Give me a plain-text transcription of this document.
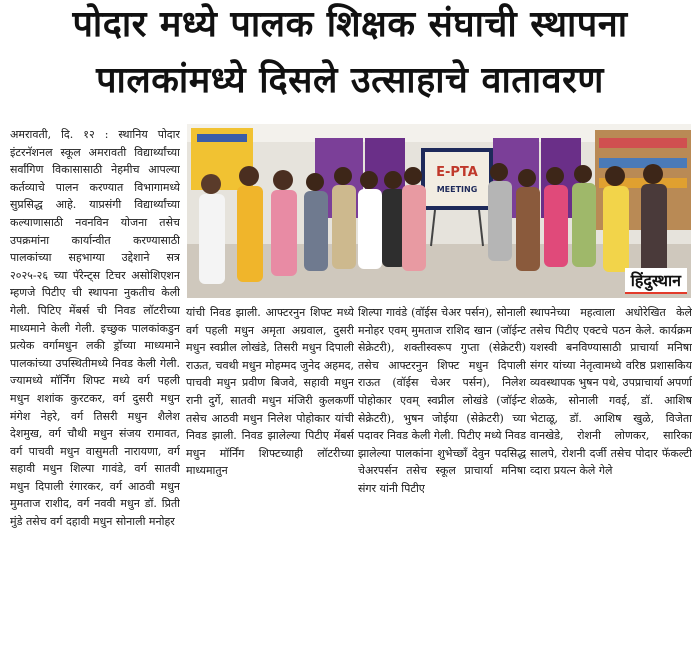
पोदार मध्ये पालक शिक्षक संघाची स्थापना
पालकांमध्ये दिसले उत्साहाचे वातावरण
अमरावती, दि. १२ : स्थानिय पोदार इंटरनॅशनल स्कूल अमरावती विद्यार्थ्यांच्या सर्वांगिण विकासासाठी नेहमीच आपल्या कर्तव्याचे पालन करण्यात विभागामध्ये सुप्रसिद्ध आहे. याप्रसंगी विद्यार्थ्यांच्या कल्याणासाठी नवनविन योजना तसेच उपक्रमांना कार्यान्वीत करण्यासाठी पालकांच्या सहभाग्या उद्देशाने सत्र २०२५-२६ च्या पॅरेन्ट्स टिचर असोशिएशन म्हणजे पिटीए ची स्थापना नुकतीच केली गेली. पिटिए मेंबर्स ची निवड लॉटरीच्या माध्यमाने केली गेली. इच्छुक पालकांकडुन प्रत्येक वर्गामधुन लकी ड्रॉच्या माध्यमाने पालकांच्या उपस्थितीमध्ये निवड केली गेली. ज्यामध्ये मॉर्निंग शिफ्ट मध्ये वर्ग पहली मधुन शशांक कुरटकर, वर्ग दुसरी मधुन मंगेश नेहरे, वर्ग तिसरी मधुन शैलेश देशमुख, वर्ग चौथी मधुन संजय रामावत, वर्ग पाचवी मधुन वासुमती नारायणा, वर्ग सहावी मधुन शिल्पा गावंडे, वर्ग सातवी मधुन दिपाली रंगारकर, वर्ग आठवी मधुन मुमताज राशीद, वर्ग नववी मधुन डॉ. प्रिती मुंडे तसेच वर्ग दहावी मधुन सोनाली मनोहर
E-PTA
MEETING
हिंदुस्थान
यांची निवड झाली. आफ्टरनुन शिफ्ट मध्ये वर्ग पहली मधुन अमृता अग्रवाल, दुसरी मधुन स्वप्नील लोखंडे, तिसरी मधुन दिपाली राऊत, चवथी मधुन मोहम्मद जुनेद अहमद, पाचवी मधुन प्रवीण बिजवे, सहावी मधुन रानी दुर्गे, सातवी मधुन मंजिरी कुलकर्णी तसेच आठवी मधुन निलेश पोहोकार यांची निवड झाली. निवड झालेल्या पिटीए मेंबर्स मधुन मॉर्निंग शिफ्टच्याही लॉटरीच्या माध्यमातुन
शिल्पा गावंडे (वॉईस चेअर पर्सन), सोनाली मनोहर एवम् मुमताज राशिद खान (जॉईन्ट सेक्रेटरी), शक्तीस्वरूप गुप्ता (सेक्रेटरी) तसेच आफ्टरनुन शिफ्ट मधुन दिपाली राऊत (वॉईस चेअर पर्सन), निलेश पोहोकार एवम् स्वप्नील लोखंडे (जॉईन्ट सेक्रेटरी), भुषन जोईया (सेक्रेटरी) च्या पदावर निवड केली गेली. पिटीए मध्ये निवड झालेल्या पालकांना शुभेच्छाँ देवुन पदसिद्ध चेअरपर्सन तसेच स्कूल प्राचार्या मनिषा संगर यांनी पिटीए
स्थापनेच्या महत्वाला अधोरेखित केले तसेच पिटीए एक्टचे पठन केले. कार्यक्रम यशस्वी बनविण्यासाठी प्राचार्या मनिषा संगर यांच्या नेतृत्वामध्ये वरिष्ठ प्रशासकिय व्यवस्थापक भुषन पथे, उपप्राचार्या अपर्णा शेळके, सोनाली गवई, डॉ. आशिष भेटाळू, डॉ. आशिष खुळे, विजेता वानखेडे, रोशनी लोणकर, सारिका सालपे, रोशनी दर्जी तसेच पोदार फॅकल्टी व्दारा प्रयत्न केले गेले
